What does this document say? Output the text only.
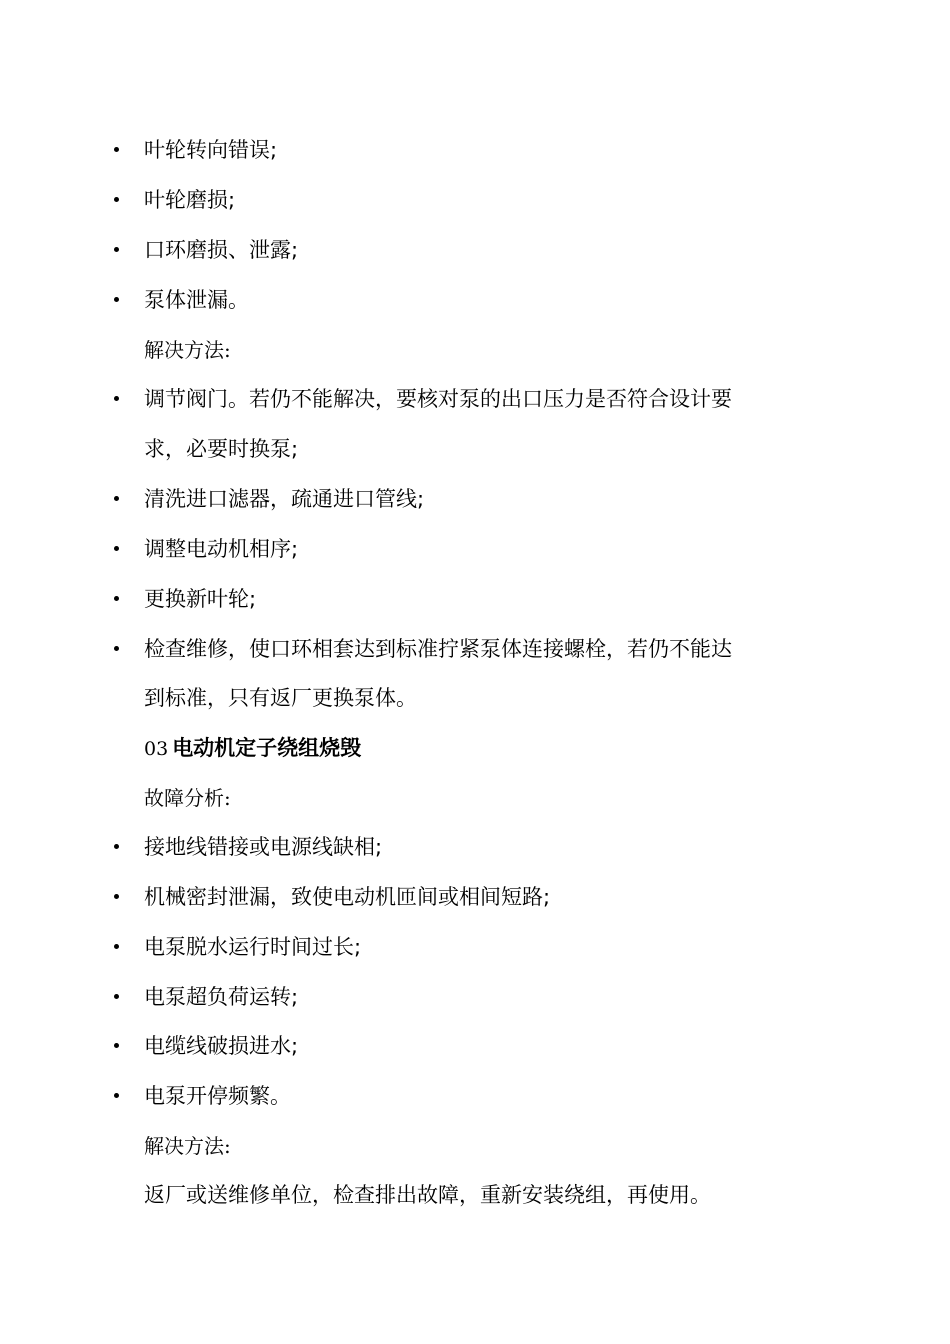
叶轮转向错误;
叶轮磨损;
口环磨损、泄露;
泵体泄漏。
解决方法:
调节阀门。若仍不能解决，要核对泵的出口压力是否符合设计要
求，必要时换泵;
清洗进口滤器，疏通进口管线;
调整电动机相序;
更换新叶轮;
检查维修，使口环相套达到标准拧紧泵体连接螺栓，若仍不能达
到标准，只有返厂更换泵体。
03 电动机定子绕组烧毁
故障分析:
接地线错接或电源线缺相;
机械密封泄漏，致使电动机匝间或相间短路;
电泵脱水运行时间过长;
电泵超负荷运转;
电缆线破损进水;
电泵开停频繁。
解决方法:
返厂或送维修单位，检查排出故障，重新安装绕组，再使用。
